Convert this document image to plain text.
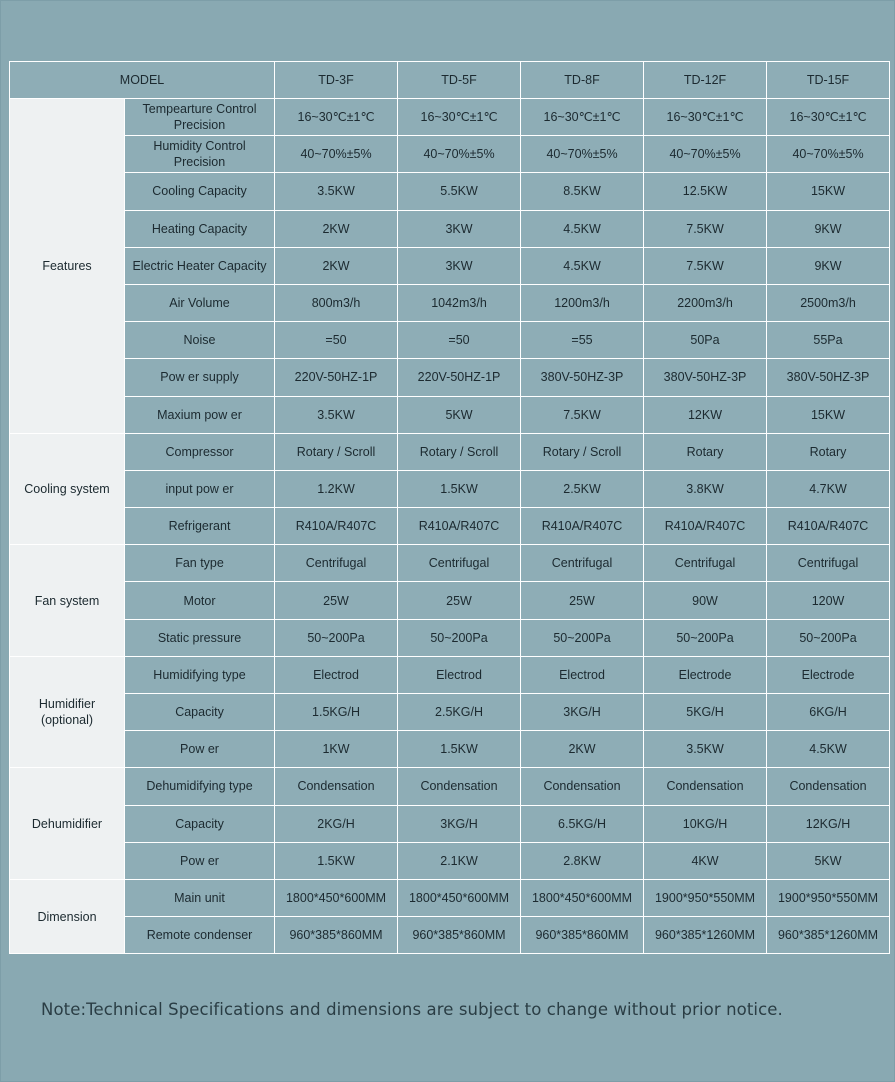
MODEL		TD-3F	TD-5F	TD-8F	TD-12F	TD-15F
Features	Tempearture Control Precision	16~30℃±1℃	16~30℃±1℃	16~30℃±1℃	16~30℃±1℃	16~30℃±1℃
	Humidity Control Precision	40~70%±5%	40~70%±5%	40~70%±5%	40~70%±5%	40~70%±5%
	Cooling Capacity	3.5KW	5.5KW	8.5KW	12.5KW	15KW
	Heating Capacity	2KW	3KW	4.5KW	7.5KW	9KW
	Electric Heater Capacity	2KW	3KW	4.5KW	7.5KW	9KW
	Air Volume	800m3/h	1042m3/h	1200m3/h	2200m3/h	2500m3/h
	Noise	=50	=50	=55	50Pa	55Pa
	Pow er supply	220V-50HZ-1P	220V-50HZ-1P	380V-50HZ-3P	380V-50HZ-3P	380V-50HZ-3P
	Maxium pow er	3.5KW	5KW	7.5KW	12KW	15KW
Cooling system	Compressor	Rotary / Scroll	Rotary / Scroll	Rotary / Scroll	Rotary	Rotary
	input pow er	1.2KW	1.5KW	2.5KW	3.8KW	4.7KW
	Refrigerant	R410A/R407C	R410A/R407C	R410A/R407C	R410A/R407C	R410A/R407C
Fan system	Fan type	Centrifugal	Centrifugal	Centrifugal	Centrifugal	Centrifugal
	Motor	25W	25W	25W	90W	120W
	Static pressure	50~200Pa	50~200Pa	50~200Pa	50~200Pa	50~200Pa
Humidifier (optional)	Humidifying type	Electrod	Electrod	Electrod	Electrode	Electrode
	Capacity	1.5KG/H	2.5KG/H	3KG/H	5KG/H	6KG/H
	Pow er	1KW	1.5KW	2KW	3.5KW	4.5KW
Dehumidifier	Dehumidifying type	Condensation	Condensation	Condensation	Condensation	Condensation
	Capacity	2KG/H	3KG/H	6.5KG/H	10KG/H	12KG/H
	Pow er	1.5KW	2.1KW	2.8KW	4KW	5KW
Dimension	Main unit	1800*450*600MM	1800*450*600MM	1800*450*600MM	1900*950*550MM	1900*950*550MM
	Remote condenser	960*385*860MM	960*385*860MM	960*385*860MM	960*385*1260MM	960*385*1260MM
Note:Technical Specifications and dimensions are subject to change without prior notice.
